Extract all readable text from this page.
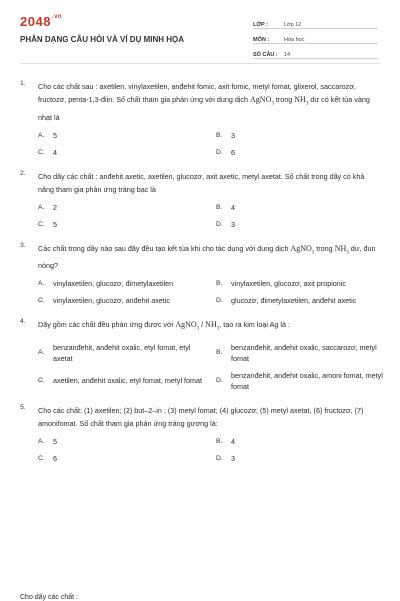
$2048^{.vn}$
PHÂN DẠNG CÂU HỎI VÀ VÍ DỤ MINH HỌA
LỚP :	Lớp 12
MÔN :	Hóa học
SỐ CÂU :	14
1.	Cho các chất sau : axetilen, vinylaxetilen, anđehit fomic, axit fomic, metyl fomat, glixerol, saccarozơ, fructozơ, penta-1,3-điin. Số chất tham gia phản ứng với dung dịch AgNO$_3$ trong $NH_3$ dư có kết tủa vàng nhạt là
A.	5	B.	3
C.	4	D.	6
2.	Cho dãy các chất : anđehit axetic, axetilen, glucozơ, axit axetic, metyl axetat. Số chất trong dãy có khả năng tham gia phản ứng tráng bạc là
A.	2	B.	4
C.	5	D.	3
3.	Các chất trong dãy nào sau đây đều tạo kết tủa khi cho tác dụng với dung dịch AgNO$_3$ trong $NH_3$ dư, đun nóng?
A.	vinylaxetilen, glucozơ, đimetylaxetilen	B.	vinylaxetilen, glucozơ, axit propionic
C.	vinylaxetilen, glucozơ, anđehit axetic	D.	glucozơ, đimetylaxetilen, anđehit axetic
4.	Dãy gồm các chất đều phản ứng được với AgNO$_3$ / $NH_3$, tạo ra kim loại Ag là :
A.
benzanđehit, anđehit oxalic, etyl fomat, etyl axetat
B.
benzanđehit, anđehit oxalic, saccarozơ, metyl fomat
C.	axetilen, anđehit oxalic, etyl fomat, metyl fomat	D.
benzanđehit, anđehit oxalic, amoni fomat, metyl fomat
5.	Cho các chất: (1) axetilen; (2) but–2–in ; (3) metyl fomat; (4) glucozơ; (5) metyl axetat, (6) fructozơ, (7) amonifomat. Số chất tham gia phản ứng tráng gương là:
A.	5	B.	4
C.	6	D.	3
Cho dãy các chất :
